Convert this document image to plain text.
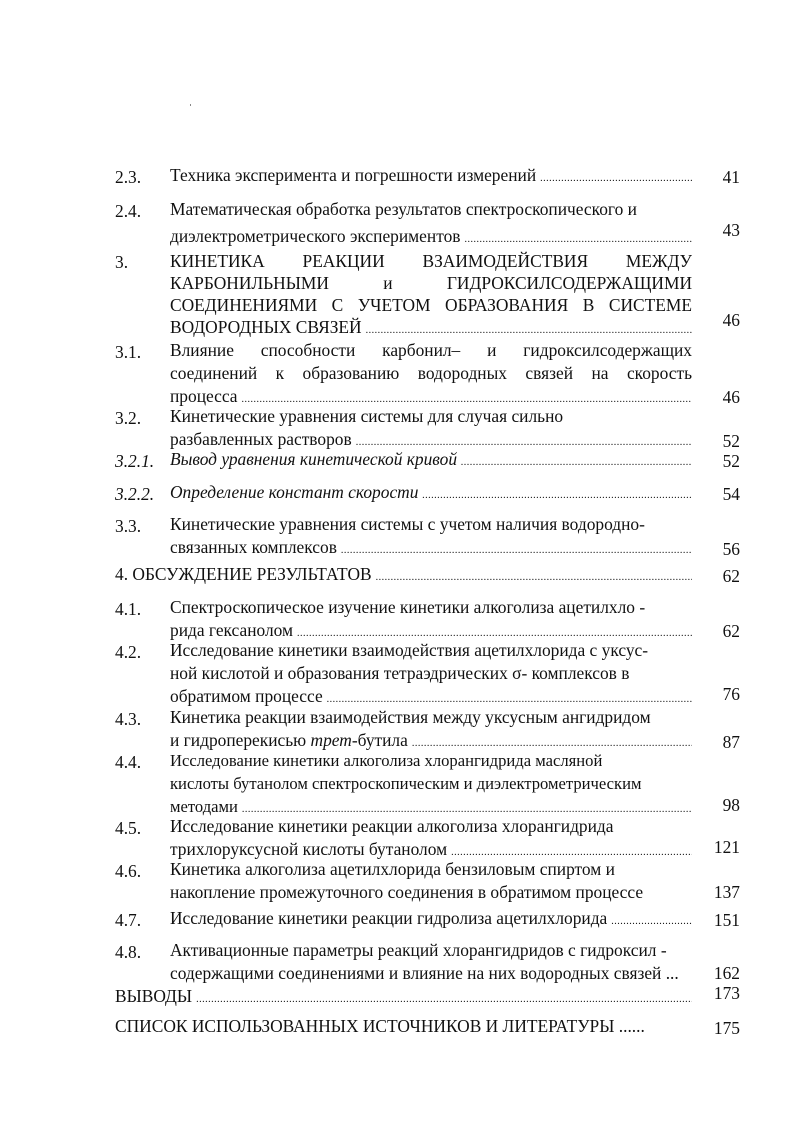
2.3. Техника эксперимента и погрешности измерений .....	41
2.4. Математическая обработка результатов спектроскопического и
диэлектрометрического экспериментов .....	43
3. КИНЕТИКА РЕАКЦИИ ВЗАИМОДЕЙСТВИЯ МЕЖДУ
КАРБОНИЛЬНЫМИ и ГИДРОКСИЛСОДЕРЖАЩИМИ
СОЕДИНЕНИЯМИ С УЧЕТОМ ОБРАЗОВАНИЯ В СИСТЕМЕ
ВОДОРОДНЫХ СВЯЗЕЙ .....	46
3.1. Влияние способности карбонил– и гидроксилсодержащих
соединений к образованию водородных связей на скорость
процесса .....	46
3.2. Кинетические уравнения системы для случая сильно
разбавленных растворов .....	52
3.2.1. Вывод уравнения кинетической кривой .....	52
3.2.2. Определение констант скорости .....	54
3.3. Кинетические уравнения системы с учетом наличия водородно-
связанных комплексов .....	56
4. ОБСУЖДЕНИЕ РЕЗУЛЬТАТОВ .....	62
4.1. Спектроскопическое изучение кинетики алкоголиза ацетилхло -
рида гексанолом .....	62
4.2. Исследование кинетики взаимодействия ацетилхлорида с уксус-
ной кислотой и образования тетраэдрических σ- комплексов в
обратимом процессе .....	76
4.3. Кинетика реакции взаимодействия между уксусным ангидридом
и гидроперекисью трет-бутила .....	87
4.4. Исследование кинетики алкоголиза хлорангидрида масляной
кислоты бутанолом спектроскопическим и диэлектрометрическим
методами .....	98
4.5. Исследование кинетики реакции алкоголиза хлорангидрида
трихлоруксусной кислоты бутанолом .....	121
4.6. Кинетика алкоголиза ацетилхлорида бензиловым спиртом и
накопление промежуточного соединения в обратимом процессе	137
4.7. Исследование кинетики реакции гидролиза ацетилхлорида .....	151
4.8. Активационные параметры реакций хлорангидридов с гидроксил -
содержащими соединениями и влияние на них водородных связей ...	162
ВЫВОДЫ .....	173
СПИСОК ИСПОЛЬЗОВАННЫХ ИСТОЧНИКОВ И ЛИТЕРАТУРЫ ......	175
